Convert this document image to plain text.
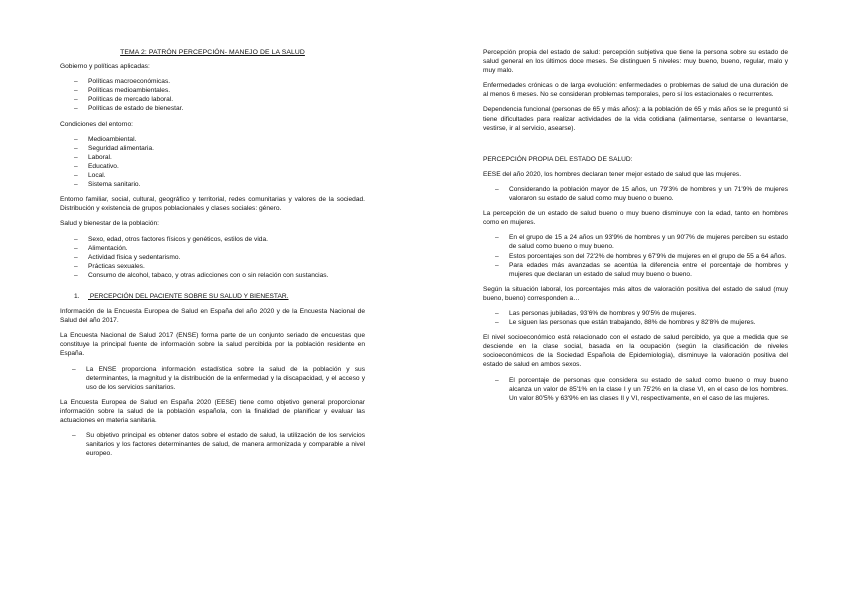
TEMA 2: PATRÓN PERCEPCIÓN- MANEJO DE LA SALUD

Gobierno y políticas aplicadas:

– Políticas macroeconómicas.
– Políticas medioambientales.
– Políticas de mercado laboral.
– Políticas de estado de bienestar.

Condiciones del entorno:

– Medioambiental.
– Seguridad alimentaria.
– Laboral.
– Educativo.
– Local.
– Sistema sanitario.

Entorno familiar, social, cultural, geográfico y territorial, redes comunitarias y valores de la sociedad. Distribución y existencia de grupos poblacionales y clases sociales: género.

Salud y bienestar de la población:

– Sexo, edad, otros factores físicos y genéticos, estilos de vida.
– Alimentación.
– Actividad física y sedentarismo.
– Prácticas sexuales.
– Consumo de alcohol, tabaco, y otras adicciones con o sin relación con sustancias.
1. PERCEPCIÓN DEL PACIENTE SOBRE SU SALUD Y BIENESTAR.

Información de la Encuesta Europea de Salud en España del año 2020 y de la Encuesta Nacional de Salud del año 2017.

La Encuesta Nacional de Salud 2017 (ENSE) forma parte de un conjunto seriado de encuestas que constituye la principal fuente de información sobre la salud percibida por la población residente en España.

– La ENSE proporciona información estadística sobre la salud de la población y sus determinantes, la magnitud y la distribución de la enfermedad y la discapacidad, y el acceso y uso de los servicios sanitarios.

La Encuesta Europea de Salud en España 2020 (EESE) tiene como objetivo general proporcionar información sobre la salud de la población española, con la finalidad de planificar y evaluar las actuaciones en materia sanitaria.

– Su objetivo principal es obtener datos sobre el estado de salud, la utilización de los servicios sanitarios y los factores determinantes de salud, de manera armonizada y comparable a nivel europeo.

Percepción propia del estado de salud: percepción subjetiva que tiene la persona sobre su estado de salud general en los últimos doce meses. Se distinguen 5 niveles: muy bueno, bueno, regular, malo y muy malo.

Enfermedades crónicas o de larga evolución: enfermedades o problemas de salud de una duración de al menos 6 meses. No se consideran problemas temporales, pero sí los estacionales o recurrentes.

Dependencia funcional (personas de 65 y más años): a la población de 65 y más años se le preguntó si tiene dificultades para realizar actividades de la vida cotidiana (alimentarse, sentarse o levantarse, vestirse, ir al servicio, asearse).

PERCEPCIÓN PROPIA DEL ESTADO DE SALUD:

EESE del año 2020, los hombres declaran tener mejor estado de salud que las mujeres.

– Considerando la población mayor de 15 años, un 79'3% de hombres y un 71'9% de mujeres valoraron su estado de salud como muy bueno o bueno.

La percepción de un estado de salud bueno o muy bueno disminuye con la edad, tanto en hombres como en mujeres.

– En el grupo de 15 a 24 años un 93'9% de hombres y un 90'7% de mujeres perciben su estado de salud como bueno o muy bueno.
– Estos porcentajes son del 72'2% de hombres y 67'9% de mujeres en el grupo de 55 a 64 años.
– Para edades más avanzadas se acentúa la diferencia entre el porcentaje de hombres y mujeres que declaran un estado de salud muy bueno o bueno.

Según la situación laboral, los porcentajes más altos de valoración positiva del estado de salud (muy bueno, bueno) corresponden a…

– Las personas jubiladas, 93'6% de hombres y 90'5% de mujeres.
– Le siguen las personas que están trabajando, 88% de hombres y 82'8% de mujeres.

El nivel socioeconómico está relacionado con el estado de salud percibido, ya que a medida que se desciende en la clase social, basada en la ocupación (según la clasificación de niveles socioeconómicos de la Sociedad Española de Epidemiología), disminuye la valoración positiva del estado de salud en ambos sexos.

– El porcentaje de personas que considera su estado de salud como bueno o muy bueno alcanza un valor de 85'1% en la clase I y un 75'2% en la clase VI, en el caso de los hombres. Un valor 80'5% y 63'9% en las clases II y VI, respectivamente, en el caso de las mujeres.
